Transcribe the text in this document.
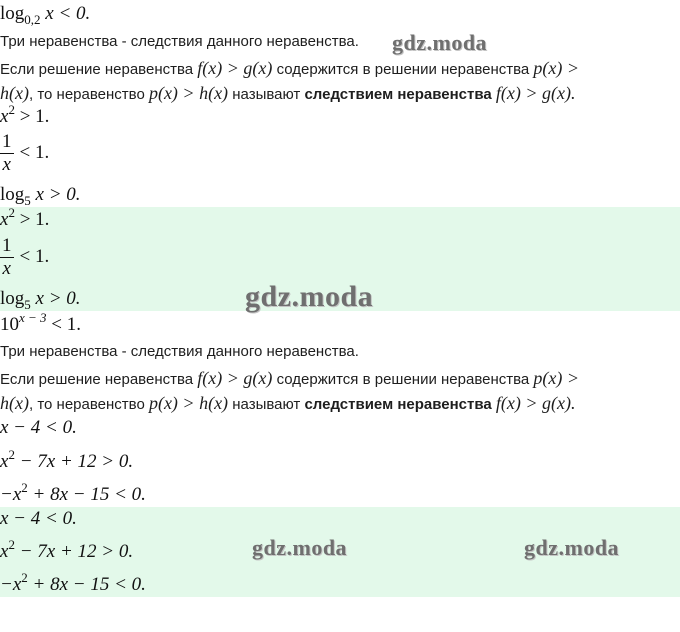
$\log_{0,2} x < 0$.
Три неравенства - следствия данного неравенства.
Если решение неравенства f(x) > g(x) содержится в решении неравенства p(x) >
h(x), то неравенство p(x) > h(x) называют следствием неравенства f(x) > g(x).
$x^2 > 1$.
$\frac{1}{x} < 1$.
$\log_5 x > 0$.
$x^2 > 1$.
$\frac{1}{x} < 1$.
$\log_5 x > 0$.
$10^{x - 3} < 1$.
Три неравенства - следствия данного неравенства.
Если решение неравенства f(x) > g(x) содержится в решении неравенства p(x) >
h(x), то неравенство p(x) > h(x) называют следствием неравенства f(x) > g(x).
x − 4 < 0.
$x^2 - 7x + 12 > 0$.
$-x^2 + 8x - 15 < 0$.
x − 4 < 0.
$x^2 - 7x + 12 > 0$.
$-x^2 + 8x - 15 < 0$.
gdz.moda
gdz.moda
gdz.moda	gdz.moda
